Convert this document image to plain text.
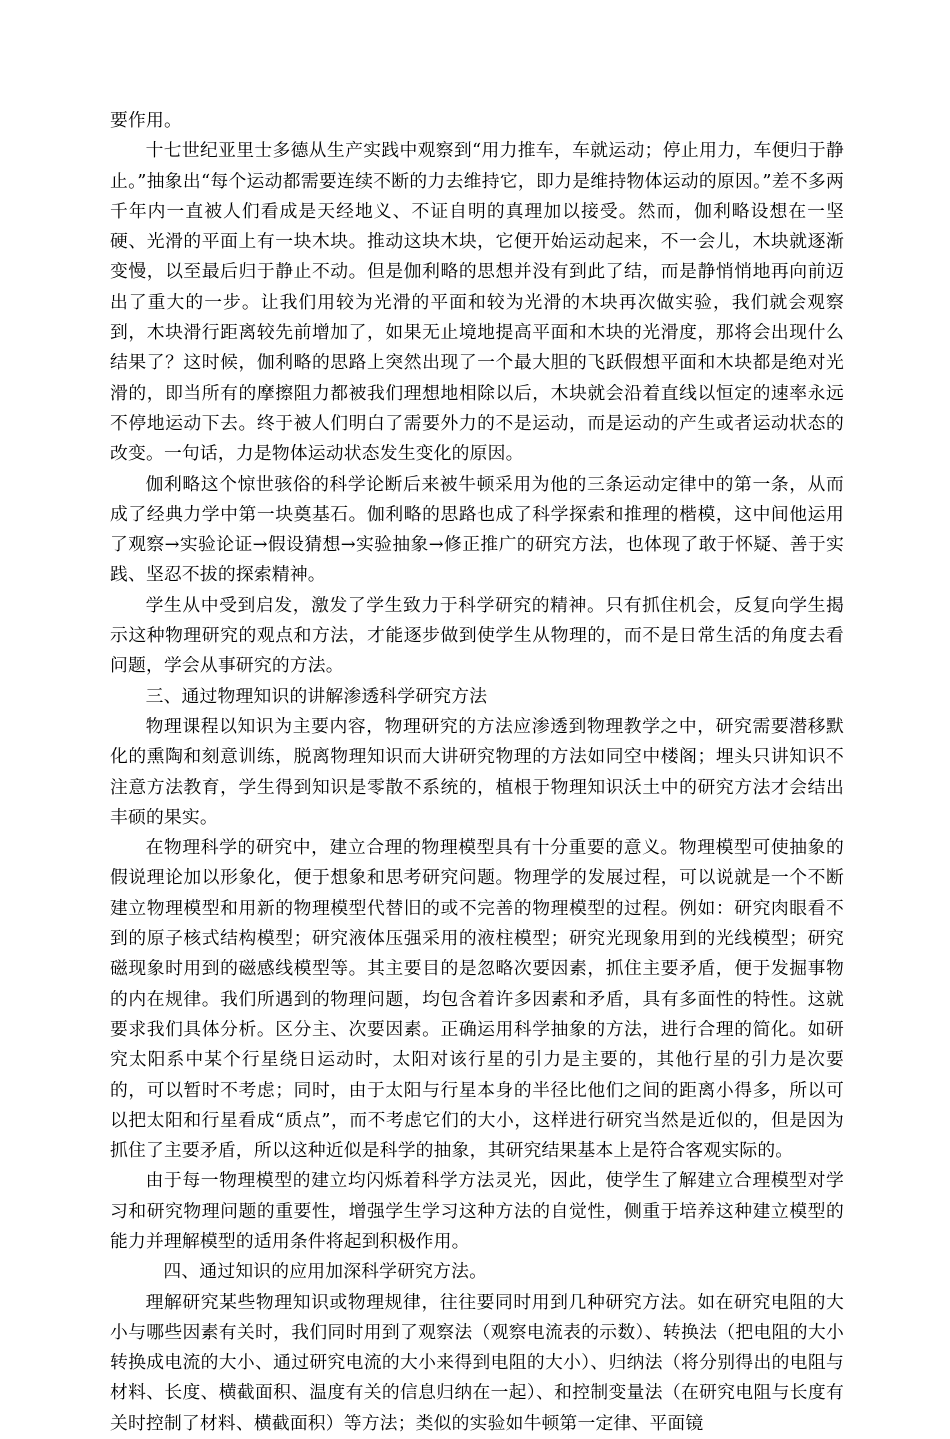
要作用。

十七世纪亚里士多德从生产实践中观察到“用力推车，车就运动；停止用力，车便归于静止。”抽象出“每个运动都需要连续不断的力去维持它，即力是维持物体运动的原因。”差不多两千年内一直被人们看成是天经地义、不证自明的真理加以接受。然而，伽利略设想在一坚硬、光滑的平面上有一块木块。推动这块木块，它便开始运动起来，不一会儿，木块就逐渐变慢，以至最后归于静止不动。但是伽利略的思想并没有到此了结，而是静悄悄地再向前迈出了重大的一步。让我们用较为光滑的平面和较为光滑的木块再次做实验，我们就会观察到，木块滑行距离较先前增加了，如果无止境地提高平面和木块的光滑度，那将会出现什么结果了？这时候，伽利略的思路上突然出现了一个最大胆的飞跃假想平面和木块都是绝对光滑的，即当所有的摩擦阻力都被我们理想地相除以后，木块就会沿着直线以恒定的速率永远不停地运动下去。终于被人们明白了需要外力的不是运动，而是运动的产生或者运动状态的改变。一句话，力是物体运动状态发生变化的原因。

伽利略这个惊世骇俗的科学论断后来被牛顿采用为他的三条运动定律中的第一条，从而成了经典力学中第一块奠基石。伽利略的思路也成了科学探索和推理的楷模，这中间他运用了观察→实验论证→假设猜想→实验抽象→修正推广的研究方法，也体现了敢于怀疑、善于实践、坚忍不拔的探索精神。

学生从中受到启发，激发了学生致力于科学研究的精神。只有抓住机会，反复向学生揭示这种物理研究的观点和方法，才能逐步做到使学生从物理的，而不是日常生活的角度去看问题，学会从事研究的方法。

三、通过物理知识的讲解渗透科学研究方法

物理课程以知识为主要内容，物理研究的方法应渗透到物理教学之中，研究需要潜移默化的熏陶和刻意训练，脱离物理知识而大讲研究物理的方法如同空中楼阁；埋头只讲知识不注意方法教育，学生得到知识是零散不系统的，植根于物理知识沃土中的研究方法才会结出丰硕的果实。

在物理科学的研究中，建立合理的物理模型具有十分重要的意义。物理模型可使抽象的假说理论加以形象化，便于想象和思考研究问题。物理学的发展过程，可以说就是一个不断建立物理模型和用新的物理模型代替旧的或不完善的物理模型的过程。例如：研究肉眼看不到的原子核式结构模型；研究液体压强采用的液柱模型；研究光现象用到的光线模型；研究磁现象时用到的磁感线模型等。其主要目的是忽略次要因素，抓住主要矛盾，便于发掘事物的内在规律。我们所遇到的物理问题，均包含着许多因素和矛盾，具有多面性的特性。这就要求我们具体分析。区分主、次要因素。正确运用科学抽象的方法，进行合理的简化。如研究太阳系中某个行星绕日运动时，太阳对该行星的引力是主要的，其他行星的引力是次要的，可以暂时不考虑；同时，由于太阳与行星本身的半径比他们之间的距离小得多，所以可以把太阳和行星看成“质点”，而不考虑它们的大小，这样进行研究当然是近似的，但是因为抓住了主要矛盾，所以这种近似是科学的抽象，其研究结果基本上是符合客观实际的。

由于每一物理模型的建立均闪烁着科学方法灵光，因此，使学生了解建立合理模型对学习和研究物理问题的重要性，增强学生学习这种方法的自觉性，侧重于培养这种建立模型的能力并理解模型的适用条件将起到积极作用。

四、通过知识的应用加深科学研究方法。

理解研究某些物理知识或物理规律，往往要同时用到几种研究方法。如在研究电阻的大小与哪些因素有关时，我们同时用到了观察法（观察电流表的示数）、转换法（把电阻的大小转换成电流的大小、通过研究电流的大小来得到电阻的大小）、归纳法（将分别得出的电阻与材料、长度、横截面积、温度有关的信息归纳在一起）、和控制变量法（在研究电阻与长度有关时控制了材料、横截面积）等方法；类似的实验如牛顿第一定律、平面镜
